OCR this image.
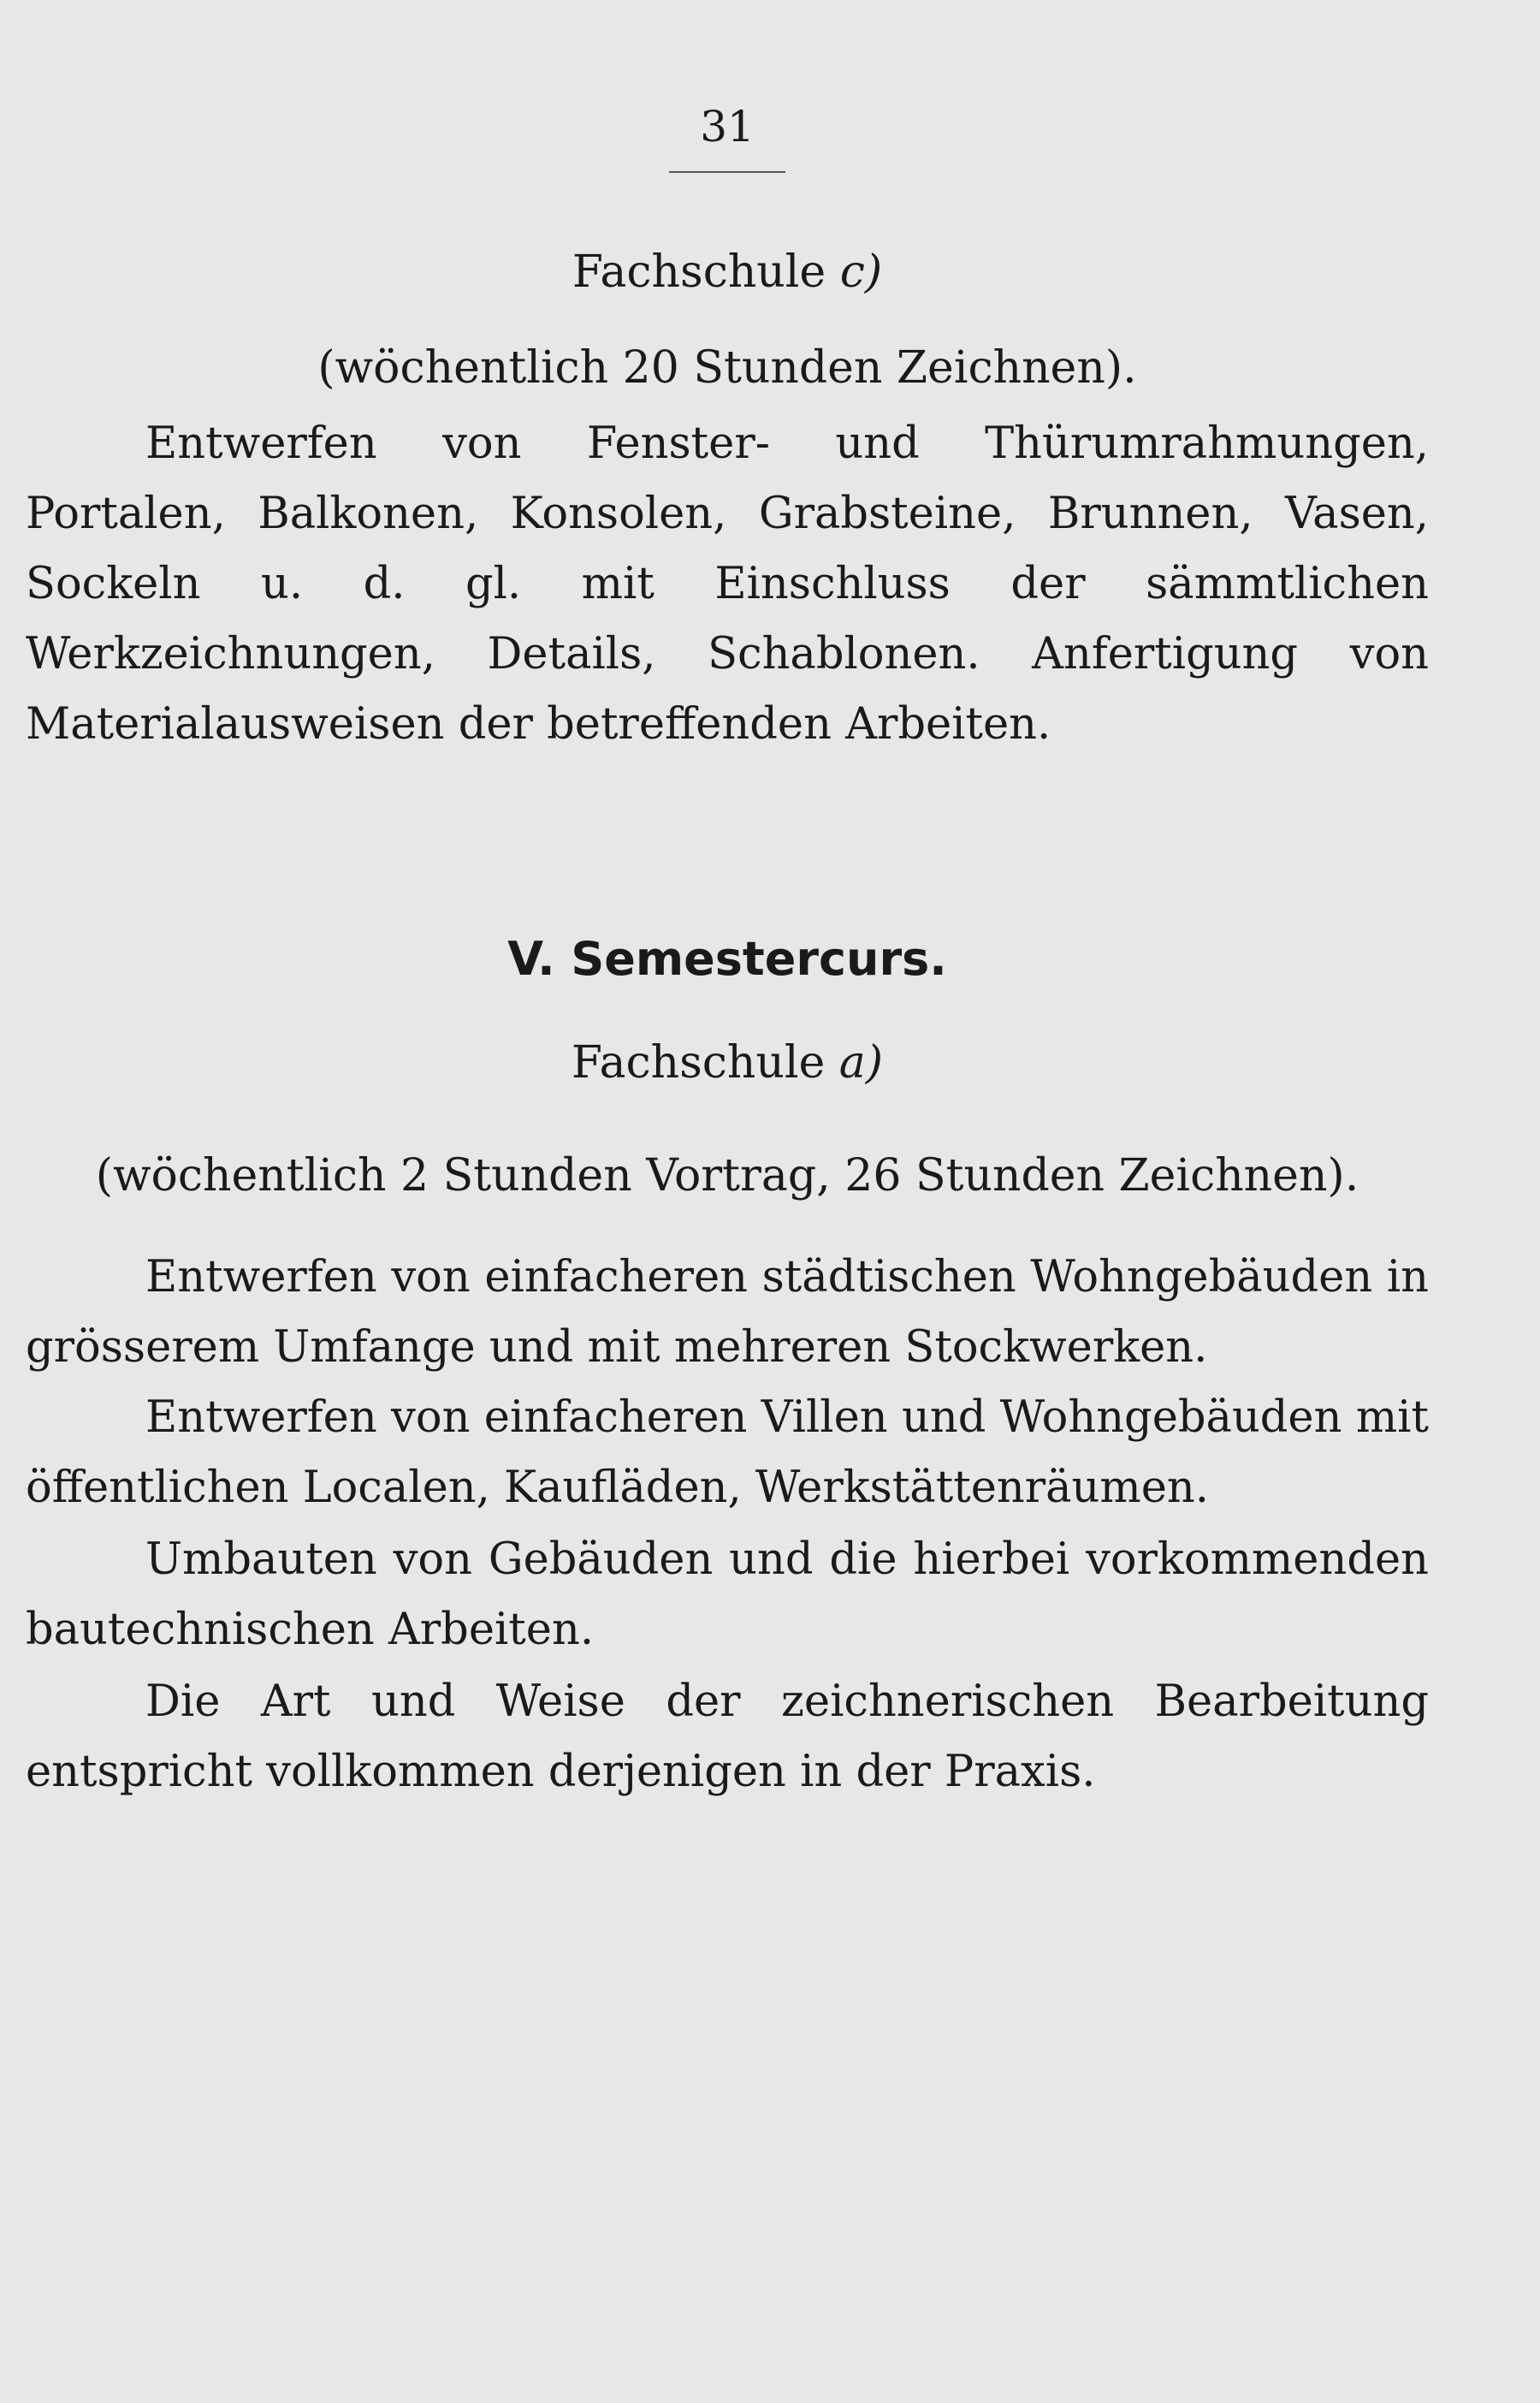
31
Fachschule c)
(wöchentlich 20 Stunden Zeichnen).

Entwerfen von Fenster- und Thürumrahmungen, Portalen, Balkonen, Konsolen, Grabsteine, Brunnen, Vasen, Sockeln u. d. gl. mit Einschluss der sämmtlichen Werkzeichnungen, Details, Schablonen. Anfertigung von Materialausweisen der betreffenden Arbeiten.

V. Semestercurs.
Fachschule a)
(wöchentlich 2 Stunden Vortrag, 26 Stunden Zeichnen).

Entwerfen von einfacheren städtischen Wohngebäuden in grösserem Umfange und mit mehreren Stockwerken.

Entwerfen von einfacheren Villen und Wohngebäuden mit öffentlichen Localen, Kaufläden, Werkstättenräumen.

Umbauten von Gebäuden und die hierbei vorkommenden bautechnischen Arbeiten.

Die Art und Weise der zeichnerischen Bearbeitung entspricht vollkommen derjenigen in der Praxis.
